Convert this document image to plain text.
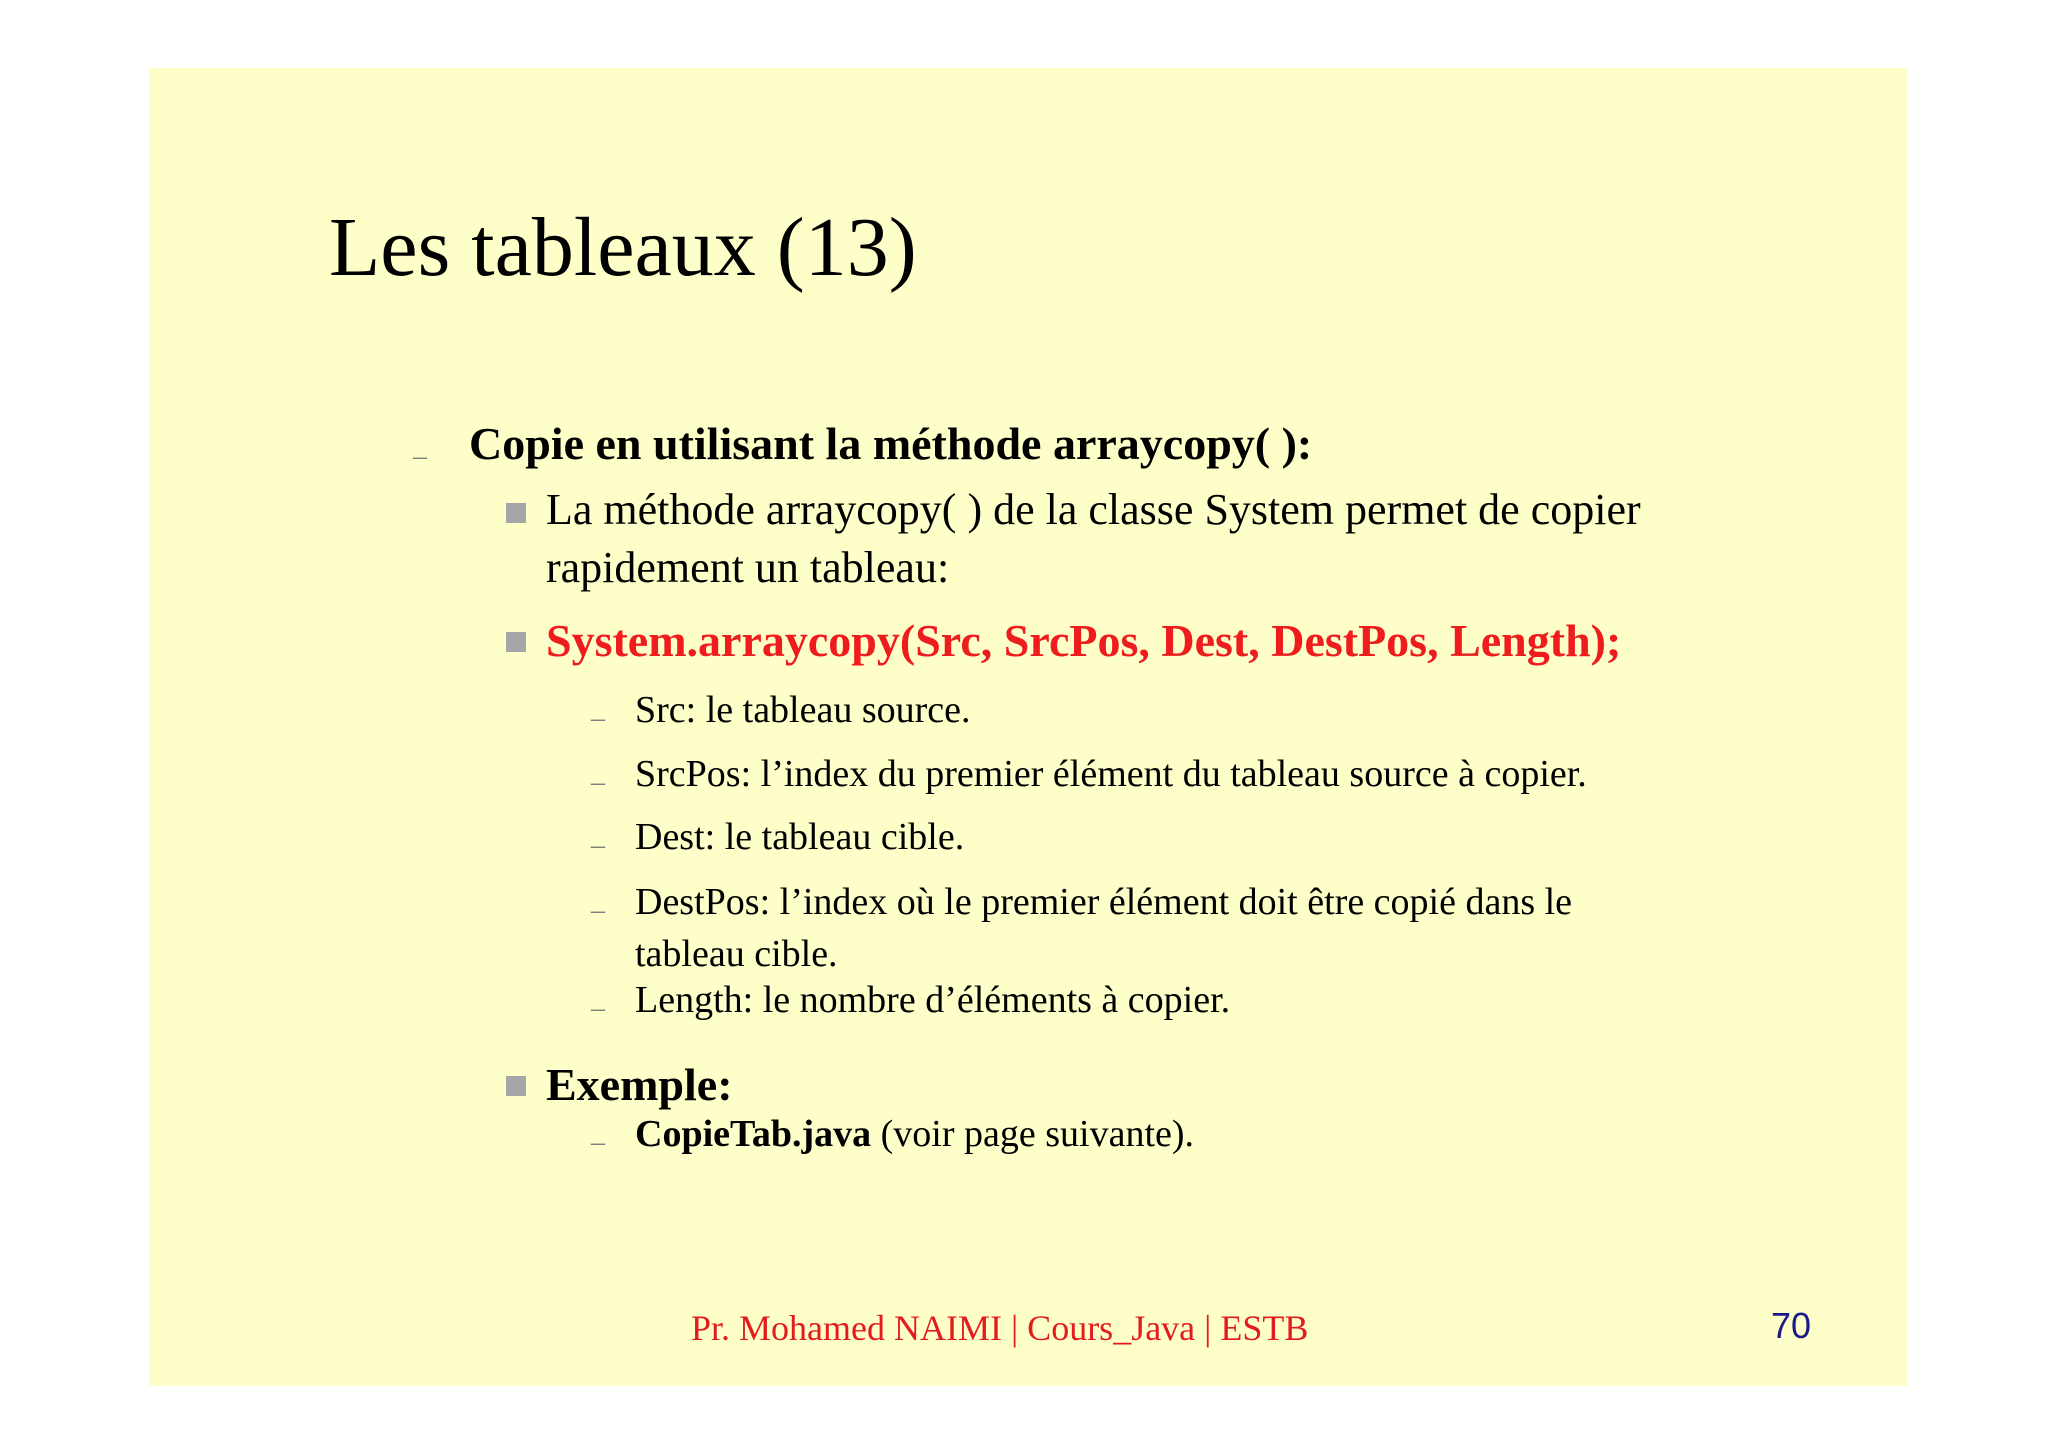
Les tableaux (13)
– Copie en utilisant la méthode arraycopy( ):
La méthode arraycopy( ) de la classe System permet de copier
rapidement un tableau:
System.arraycopy(Src, SrcPos, Dest, DestPos, Length);
– Src: le tableau source.
– SrcPos: l’index du premier élément du tableau source à copier.
– Dest: le tableau cible.
– DestPos: l’index où le premier élément doit être copié dans le
tableau cible.
– Length: le nombre d’éléments à copier.
Exemple:
– CopieTab.java (voir page suivante).
Pr. Mohamed NAIMI | Cours_Java | ESTB	70
